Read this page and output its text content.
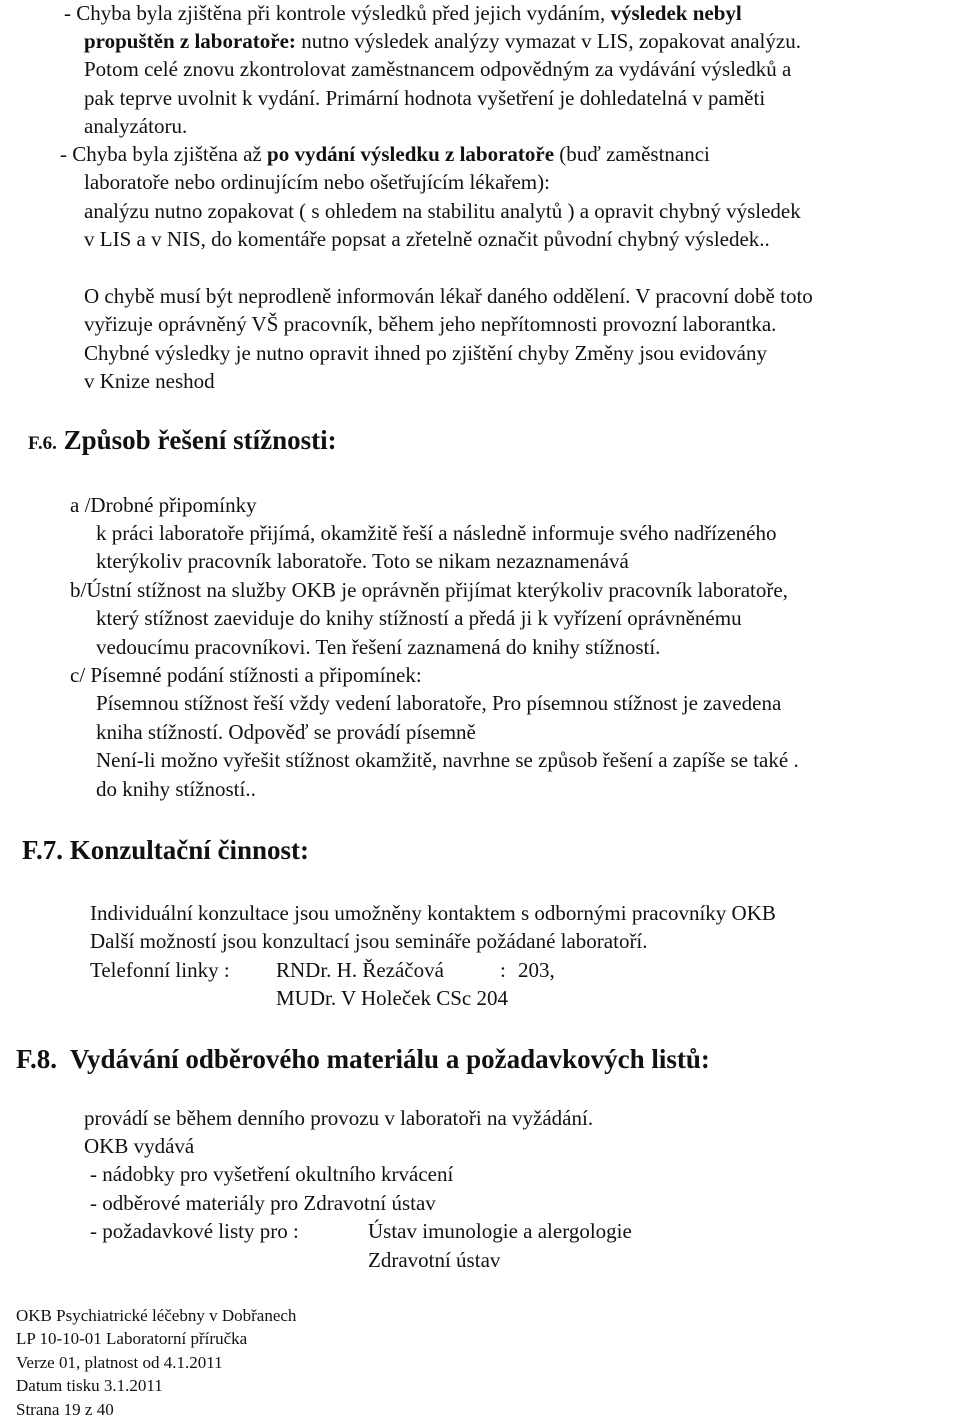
- Chyba byla zjištěna při kontrole výsledků před jejich vydáním, výsledek nebyl
propuštěn z laboratoře: nutno výsledek analýzy vymazat v LIS, zopakovat analýzu.
Potom celé znovu zkontrolovat zaměstnancem odpovědným za vydávání výsledků a
pak teprve uvolnit k vydání. Primární hodnota vyšetření je dohledatelná v paměti
analyzátoru.
- Chyba byla zjištěna až po vydání výsledku z laboratoře (buď zaměstnanci
laboratoře nebo ordinujícím nebo ošetřujícím lékařem):
analýzu nutno zopakovat ( s ohledem na stabilitu analytů ) a opravit chybný výsledek
v LIS a v NIS, do komentáře popsat a zřetelně označit původní chybný výsledek..
O chybě musí být neprodleně informován lékař daného oddělení. V pracovní době toto
vyřizuje oprávněný VŠ pracovník, během jeho nepřítomnosti provozní laborantka.
Chybné výsledky je nutno opravit ihned po zjištění chyby Změny jsou evidovány
v Knize neshod
F.6. Způsob řešení stížnosti:
a /Drobné připomínky
k práci laboratoře přijímá, okamžitě řeší a následně informuje svého nadřízeného
kterýkoliv pracovník laboratoře. Toto se nikam nezaznamenává
b/Ústní stížnost na služby OKB je oprávněn přijímat kterýkoliv pracovník laboratoře,
který stížnost zaeviduje do knihy stížností a předá ji k vyřízení oprávněnému
vedoucímu pracovníkovi. Ten řešení zaznamená do knihy stížností.
c/ Písemné podání stížnosti a připomínek:
Písemnou stížnost řeší vždy vedení laboratoře, Pro písemnou stížnost je zavedena
kniha stížností. Odpověď se provádí písemně
Není-li možno vyřešit stížnost okamžitě, navrhne se způsob řešení a zapíše se také .
do knihy stížností..
F.7. Konzultační činnost:
Individuální konzultace jsou umožněny kontaktem s odbornými pracovníky OKB
Další možností jsou konzultací jsou semináře požádané laboratoří.
Telefonní linky : RNDr. H. Řezáčová	: 203,
MUDr. V Holeček CSc 204
F.8. Vydávání odběrového materiálu a požadavkových listů:
provádí se během denního provozu v laboratoři na vyžádání.
OKB vydává
- nádobky pro vyšetření okultního krvácení
- odběrové materiály pro Zdravotní ústav
- požadavkové listy pro :	Ústav imunologie a alergologie
Zdravotní ústav
OKB Psychiatrické léčebny v Dobřanech
LP 10-10-01 Laboratorní příručka
Verze 01, platnost od 4.1.2011
Datum tisku 3.1.2011
Strana 19 z 40
